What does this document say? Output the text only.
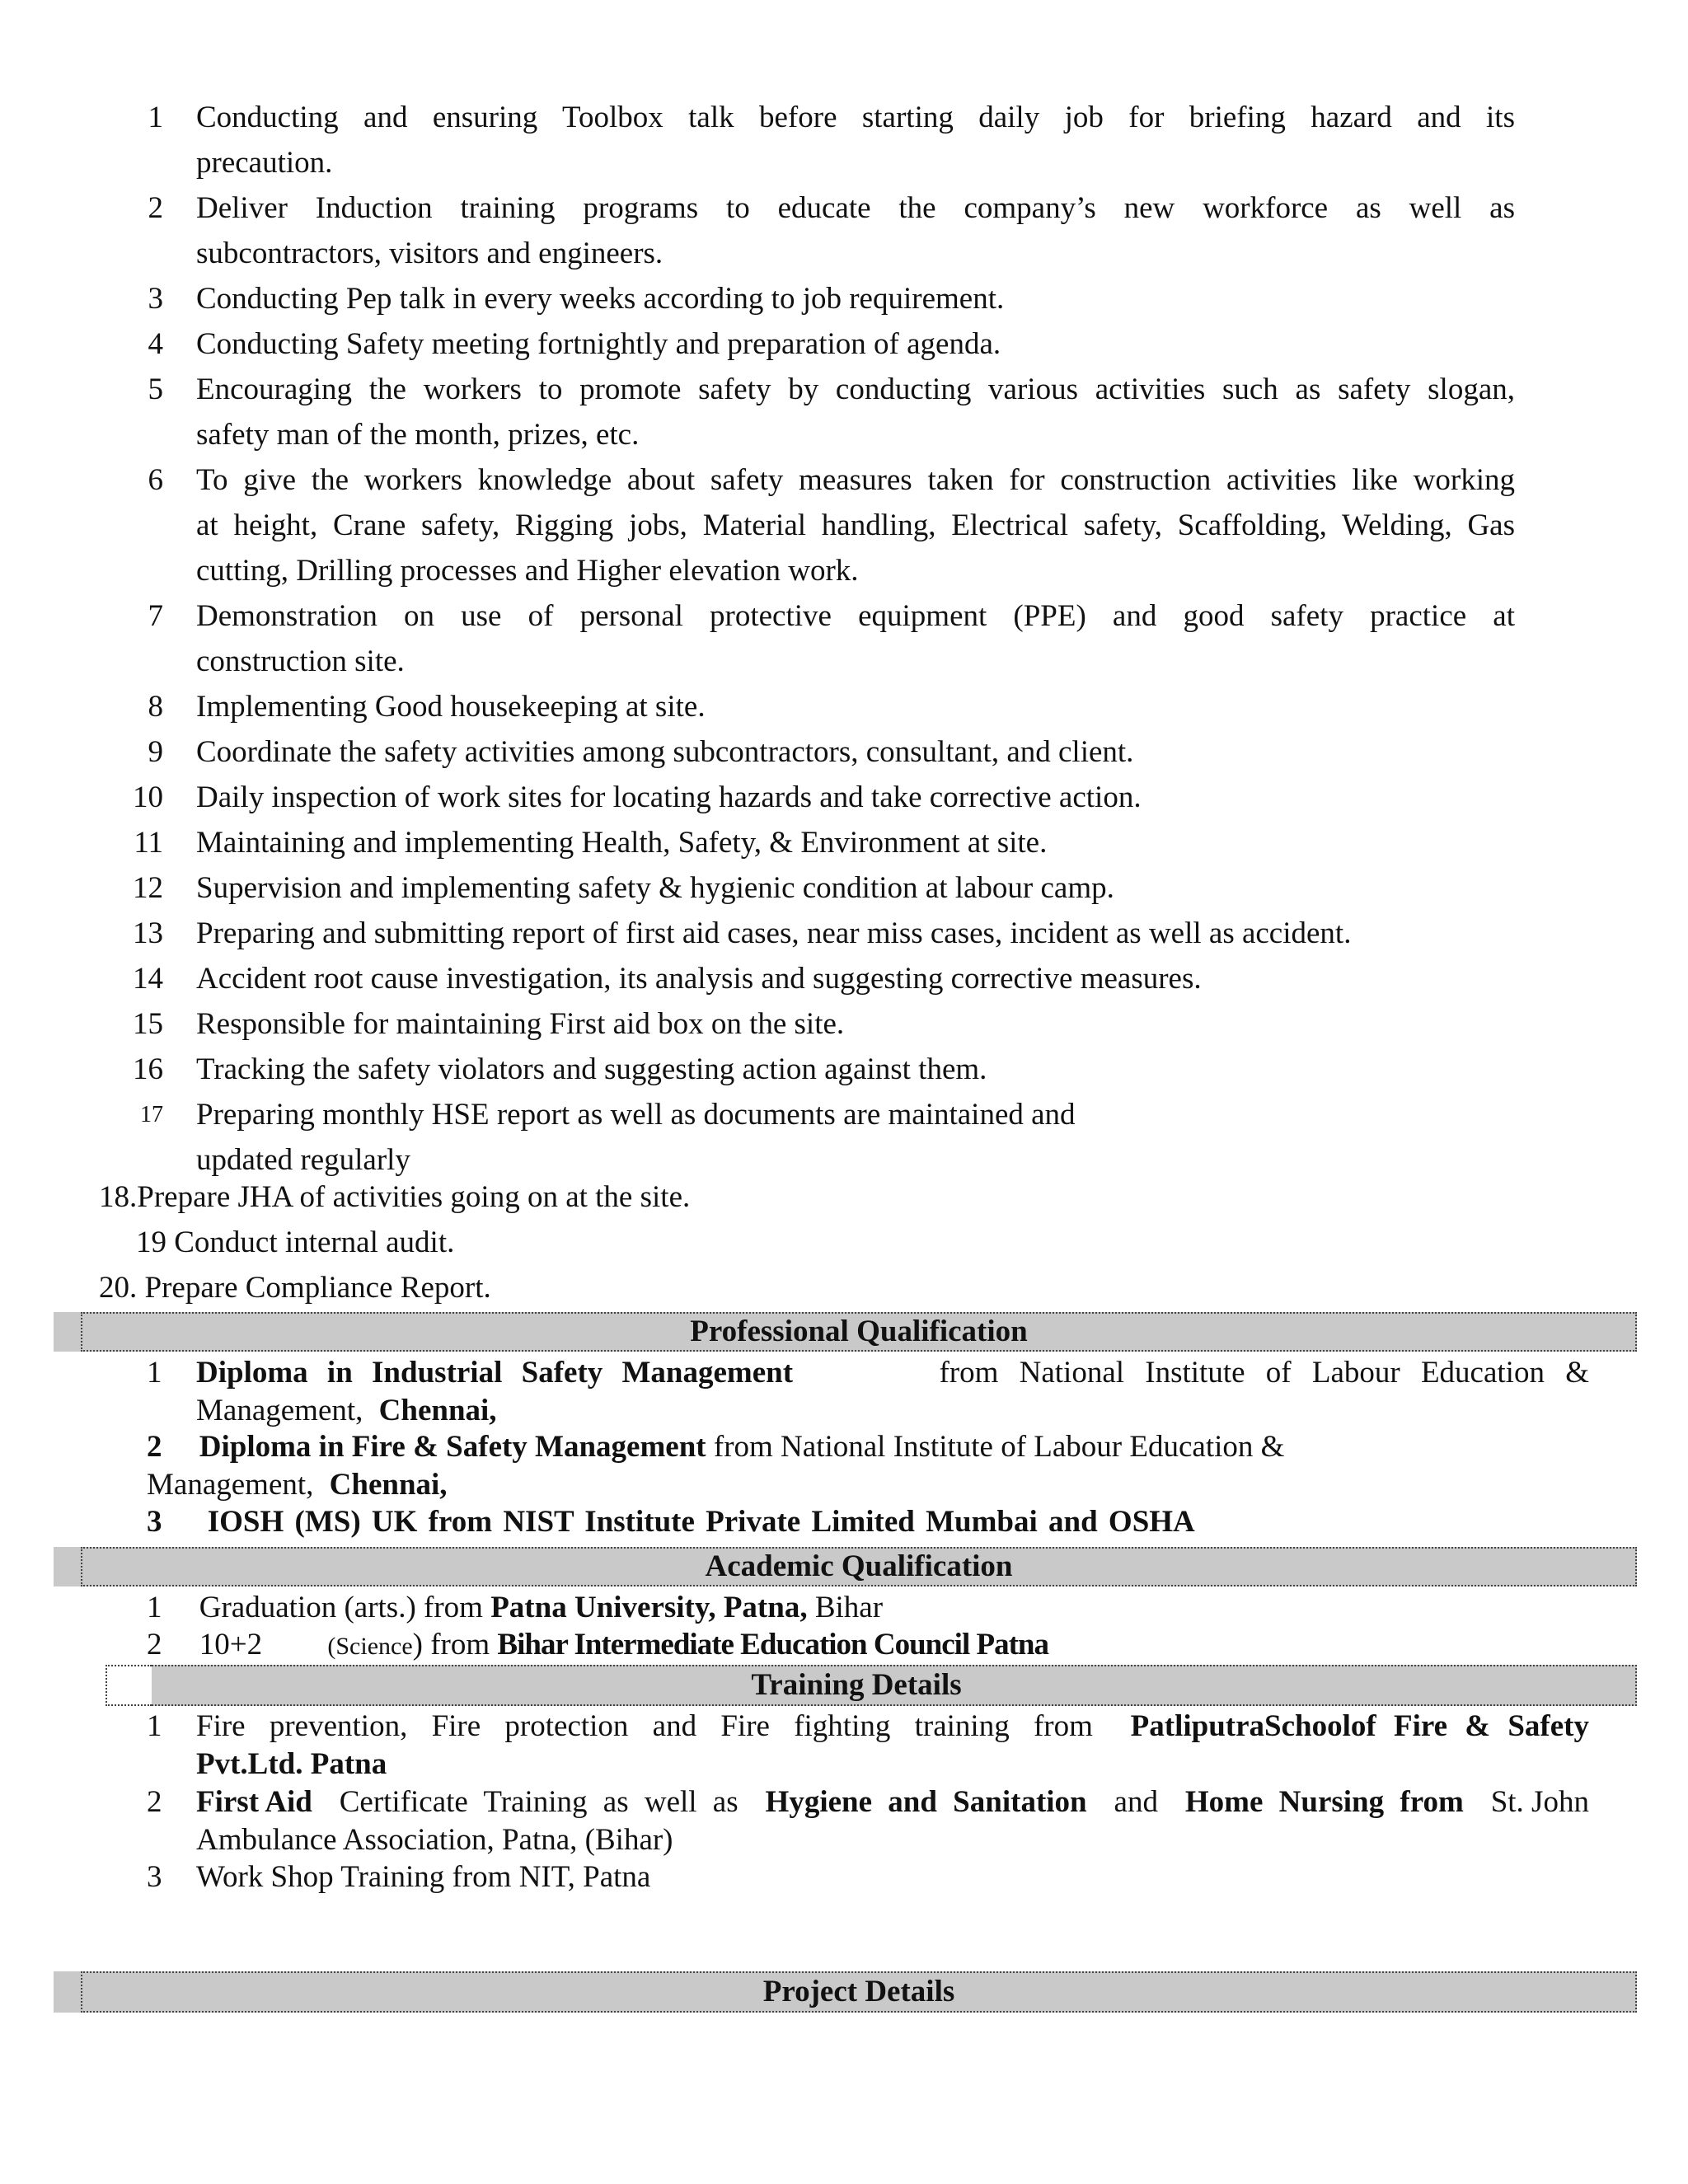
1 Conducting and ensuring Toolbox talk before starting daily job for briefing hazard and its
precaution.
2 Deliver Induction training programs to educate the company’s new workforce as well as
subcontractors, visitors and engineers.
3 Conducting Pep talk in every weeks according to job requirement.
4 Conducting Safety meeting fortnightly and preparation of agenda.
5 Encouraging the workers to promote safety by conducting various activities such as safety slogan,
safety man of the month, prizes, etc.
6 To give the workers knowledge about safety measures taken for construction activities like working
at height, Crane safety, Rigging jobs, Material handling, Electrical safety, Scaffolding, Welding, Gas
cutting, Drilling processes and Higher elevation work.
7 Demonstration on use of personal protective equipment (PPE) and good safety practice at
construction site.
8 Implementing Good housekeeping at site.
9 Coordinate the safety activities among subcontractors, consultant, and client.
10 Daily inspection of work sites for locating hazards and take corrective action.
11 Maintaining and implementing Health, Safety, & Environment at site.
12 Supervision and implementing safety & hygienic condition at labour camp.
13 Preparing and submitting report of first aid cases, near miss cases, incident as well as accident.
14 Accident root cause investigation, its analysis and suggesting corrective measures.
15 Responsible for maintaining First aid box on the site.
16 Tracking the safety violators and suggesting action against them.
17 Preparing monthly HSE report as well as documents are maintained and
updated regularly
18.Prepare JHA of activities going on at the site.
19 Conduct internal audit.
20. Prepare Compliance Report.
Professional Qualification
1 Diploma in Industrial Safety Management	from National Institute of Labour Education &
Management, Chennai,
2 Diploma in Fire & Safety Management from National Institute of Labour Education &
Management, Chennai,
3 IOSH (MS) UK from NIST Institute Private Limited Mumbai and OSHA
Academic Qualification
1 Graduation (arts.) from Patna University, Patna, Bihar
2 10+2	(Science) from Bihar Intermediate Education Council Patna
Training Details
1 Fire prevention, Fire protection and Fire fighting training from PatliputraSchoolof Fire & Safety
Pvt.Ltd. Patna
2 First Aid Certificate Training as well as Hygiene and Sanitation and Home Nursing from St. John
Ambulance Association, Patna, (Bihar)
3 Work Shop Training from NIT, Patna
Project Details
